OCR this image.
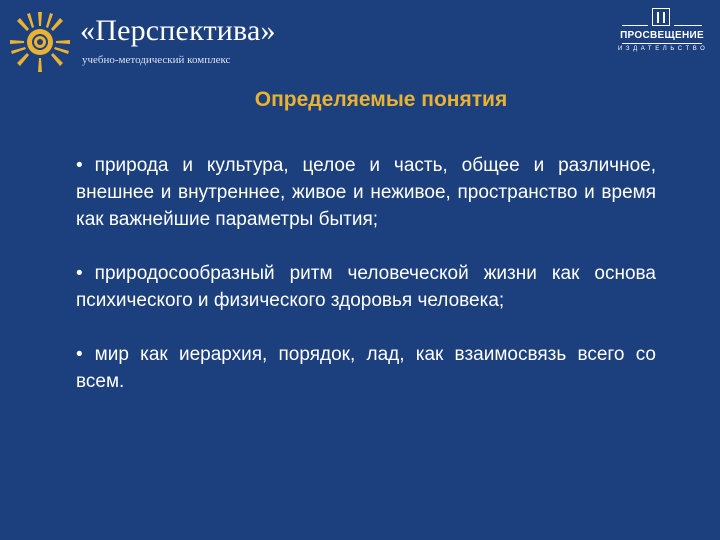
«Перспектива»
учебно-методический комплекс
ПРОСВЕЩЕНИЕ
ИЗДАТЕЛЬСТВО
Определяемые понятия

• природа и культура, целое и часть, общее и различное, внешнее и внутреннее, живое и неживое, пространство и время как важнейшие параметры бытия;

• природосообразный ритм человеческой жизни как основа психического и физического здоровья человека;

• мир как иерархия, порядок, лад, как взаимосвязь всего со всем.
